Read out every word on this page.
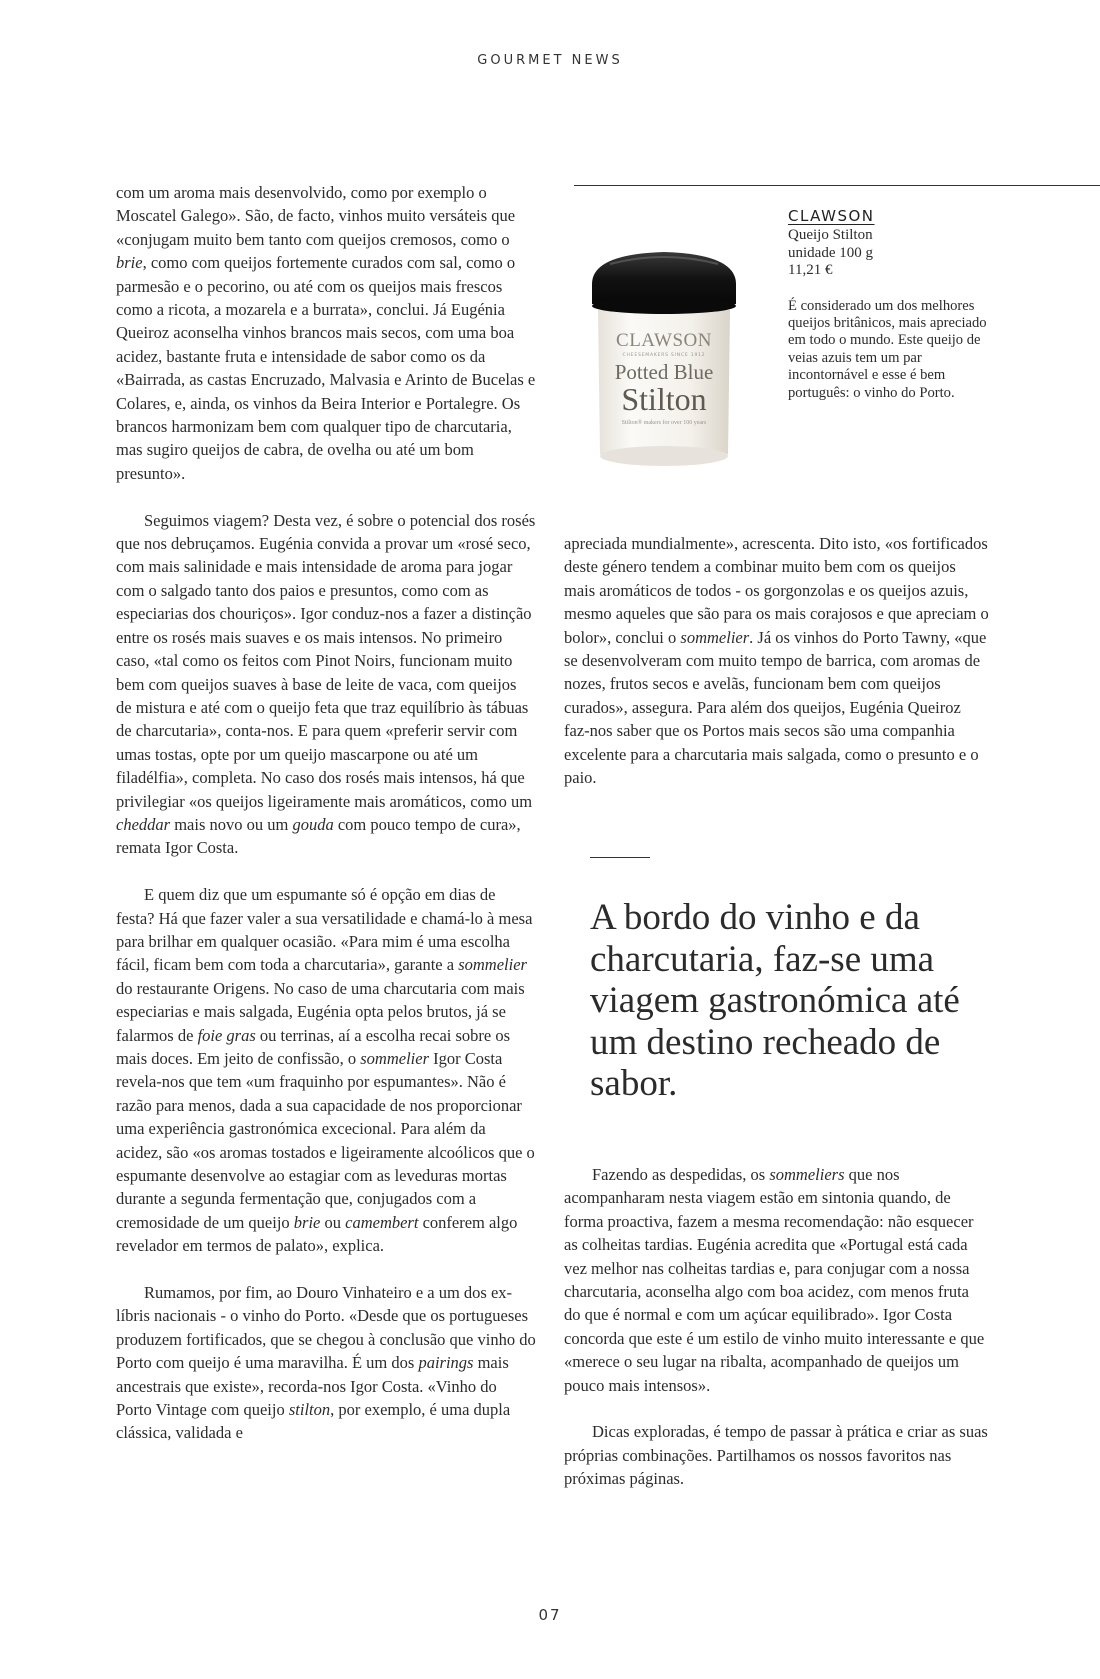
GOURMET NEWS

com um aroma mais desenvolvido, como por exemplo o Moscatel Galego». São, de facto, vinhos muito versáteis que «conjugam muito bem tanto com queijos cremosos, como o brie, como com queijos fortemente curados com sal, como o parmesão e o pecorino, ou até com os queijos mais frescos como a ricota, a mozarela e a burrata», conclui. Já Eugénia Queiroz aconselha vinhos brancos mais secos, com uma boa acidez, bastante fruta e intensidade de sabor como os da «Bairrada, as castas Encruzado, Malvasia e Arinto de Bucelas e Colares, e, ainda, os vinhos da Beira Interior e Portalegre. Os brancos harmonizam bem com qualquer tipo de charcutaria, mas sugiro queijos de cabra, de ovelha ou até um bom presunto».

Seguimos viagem? Desta vez, é sobre o potencial dos rosés que nos debruçamos. Eugénia convida a provar um «rosé seco, com mais salinidade e mais intensidade de aroma para jogar com o salgado tanto dos paios e presuntos, como com as especiarias dos chouriços». Igor conduz-nos a fazer a distinção entre os rosés mais suaves e os mais intensos. No primeiro caso, «tal como os feitos com Pinot Noirs, funcionam muito bem com queijos suaves à base de leite de vaca, com queijos de mistura e até com o queijo feta que traz equilíbrio às tábuas de charcutaria», conta-nos. E para quem «preferir servir com umas tostas, opte por um queijo mascarpone ou até um filadélfia», completa. No caso dos rosés mais intensos, há que privilegiar «os queijos ligeiramente mais aromáticos, como um cheddar mais novo ou um gouda com pouco tempo de cura», remata Igor Costa.

E quem diz que um espumante só é opção em dias de festa? Há que fazer valer a sua versatilidade e chamá-lo à mesa para brilhar em qualquer ocasião. «Para mim é uma escolha fácil, ficam bem com toda a charcutaria», garante a sommelier do restaurante Origens. No caso de uma charcutaria com mais especiarias e mais salgada, Eugénia opta pelos brutos, já se falarmos de foie gras ou terrinas, aí a escolha recai sobre os mais doces. Em jeito de confissão, o sommelier Igor Costa revela-nos que tem «um fraquinho por espumantes». Não é razão para menos, dada a sua capacidade de nos proporcionar uma experiência gastronómica excecional. Para além da acidez, são «os aromas tostados e ligeiramente alcoólicos que o espumante desenvolve ao estagiar com as leveduras mortas durante a segunda fermentação que, conjugados com a cremosidade de um queijo brie ou camembert conferem algo revelador em termos de palato», explica.

Rumamos, por fim, ao Douro Vinhateiro e a um dos ex-líbris nacionais - o vinho do Porto. «Desde que os portugueses produzem fortificados, que se chegou à conclusão que vinho do Porto com queijo é uma maravilha. É um dos pairings mais ancestrais que existe», recorda-nos Igor Costa. «Vinho do Porto Vintage com queijo stilton, por exemplo, é uma dupla clássica, validada e

CLAWSON
CHEESEMAKERS SINCE 1912
Potted Blue
Stilton
Stilton® makers for over 100 years
CLAWSON
Queijo Stilton
unidade 100 g
11,21 €
É considerado um dos melhores queijos britânicos, mais apreciado em todo o mundo. Este queijo de veias azuis tem um par incontornável e esse é bem português: o vinho do Porto.

apreciada mundialmente», acrescenta. Dito isto, «os fortificados deste género tendem a combinar muito bem com os queijos mais aromáticos de todos - os gorgonzolas e os queijos azuis, mesmo aqueles que são para os mais corajosos e que apreciam o bolor», conclui o sommelier. Já os vinhos do Porto Tawny, «que se desenvolveram com muito tempo de barrica, com aromas de nozes, frutos secos e avelãs, funcionam bem com queijos curados», assegura. Para além dos queijos, Eugénia Queiroz faz-nos saber que os Portos mais secos são uma companhia excelente para a charcutaria mais salgada, como o presunto e o paio.

A bordo do vinho e da charcutaria, faz-se uma viagem gastronómica até um destino recheado de sabor.

Fazendo as despedidas, os sommeliers que nos acompanharam nesta viagem estão em sintonia quando, de forma proactiva, fazem a mesma recomendação: não esquecer as colheitas tardias. Eugénia acredita que «Portugal está cada vez melhor nas colheitas tardias e, para conjugar com a nossa charcutaria, aconselha algo com boa acidez, com menos fruta do que é normal e com um açúcar equilibrado». Igor Costa concorda que este é um estilo de vinho muito interessante e que «merece o seu lugar na ribalta, acompanhado de queijos um pouco mais intensos».

Dicas exploradas, é tempo de passar à prática e criar as suas próprias combinações. Partilhamos os nossos favoritos nas próximas páginas.

07
